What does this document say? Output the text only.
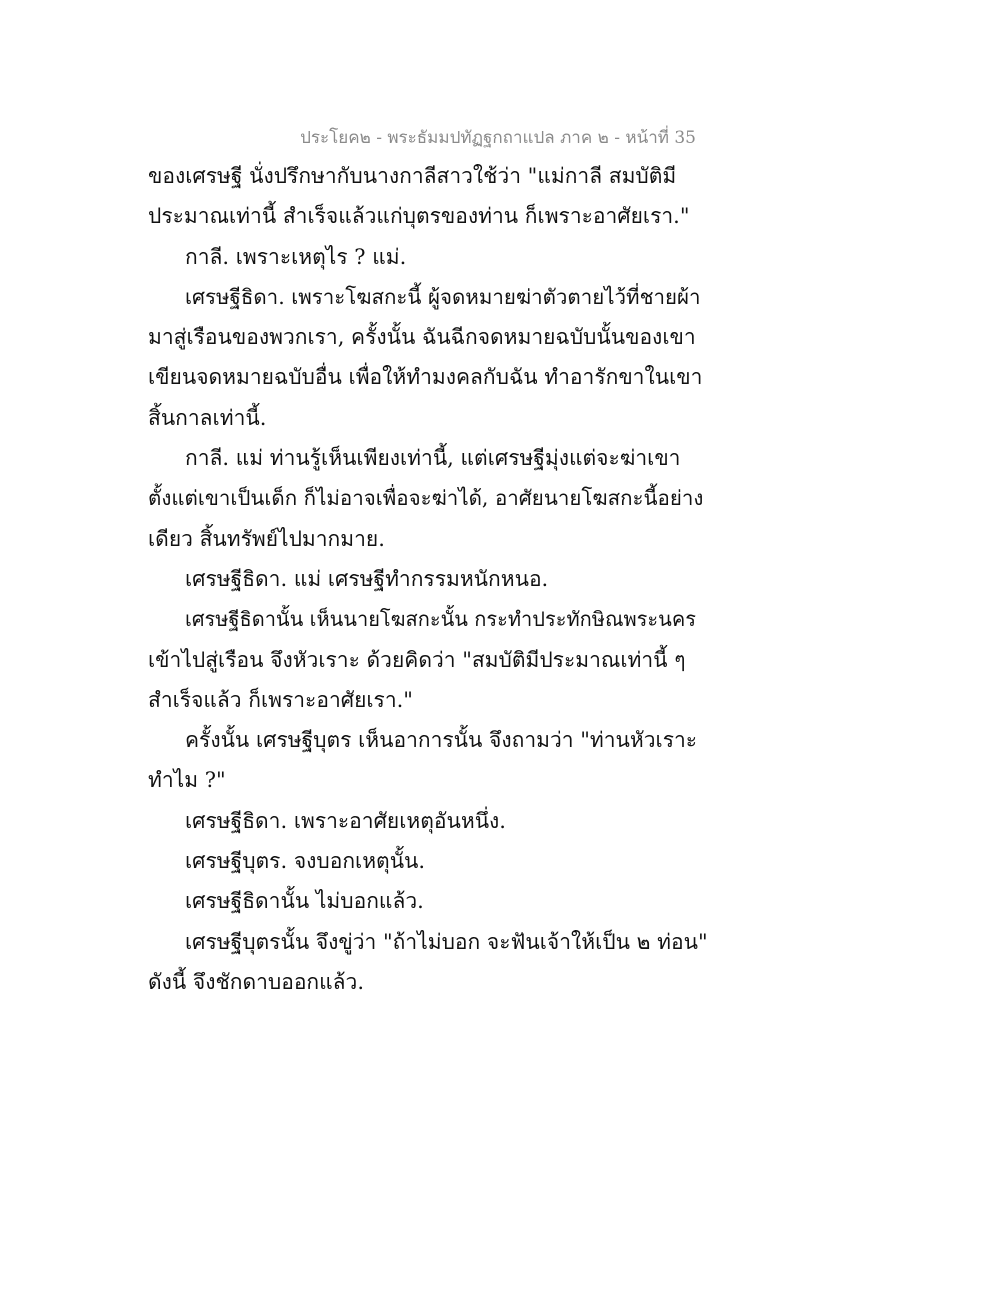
ประโยค๒ - พระธัมมปทัฏฐกถาแปล ภาค ๒ - หน้าที่ 35
ของเศรษฐี นั่งปรึกษากับนางกาลีสาวใช้ว่า "แม่กาลี สมบัติมี
ประมาณเท่านี้ สำเร็จแล้วแก่บุตรของท่าน ก็เพราะอาศัยเรา."
กาลี. เพราะเหตุไร ? แม่.
เศรษฐีธิดา. เพราะโฆสกะนี้ ผู้จดหมายฆ่าตัวตายไว้ที่ชายผ้า
มาสู่เรือนของพวกเรา, ครั้งนั้น ฉันฉีกจดหมายฉบับนั้นของเขา
เขียนจดหมายฉบับอื่น เพื่อให้ทำมงคลกับฉัน ทำอารักขาในเขา
สิ้นกาลเท่านี้.
กาลี. แม่ ท่านรู้เห็นเพียงเท่านี้, แต่เศรษฐีมุ่งแต่จะฆ่าเขา
ตั้งแต่เขาเป็นเด็ก ก็ไม่อาจเพื่อจะฆ่าได้, อาศัยนายโฆสกะนี้อย่าง
เดียว สิ้นทรัพย์ไปมากมาย.
เศรษฐีธิดา. แม่ เศรษฐีทำกรรมหนักหนอ.
เศรษฐีธิดานั้น เห็นนายโฆสกะนั้น กระทำประทักษิณพระนคร
เข้าไปสู่เรือน จึงหัวเราะ ด้วยคิดว่า "สมบัติมีประมาณเท่านี้ ๆ
สำเร็จแล้ว ก็เพราะอาศัยเรา."
ครั้งนั้น เศรษฐีบุตร เห็นอาการนั้น จึงถามว่า "ท่านหัวเราะ
ทำไม ?"
เศรษฐีธิดา. เพราะอาศัยเหตุอันหนึ่ง.
เศรษฐีบุตร. จงบอกเหตุนั้น.
เศรษฐีธิดานั้น ไม่บอกแล้ว.
เศรษฐีบุตรนั้น จึงขู่ว่า "ถ้าไม่บอก จะฟันเจ้าให้เป็น ๒ ท่อน"
ดังนี้ จึงชักดาบออกแล้ว.
